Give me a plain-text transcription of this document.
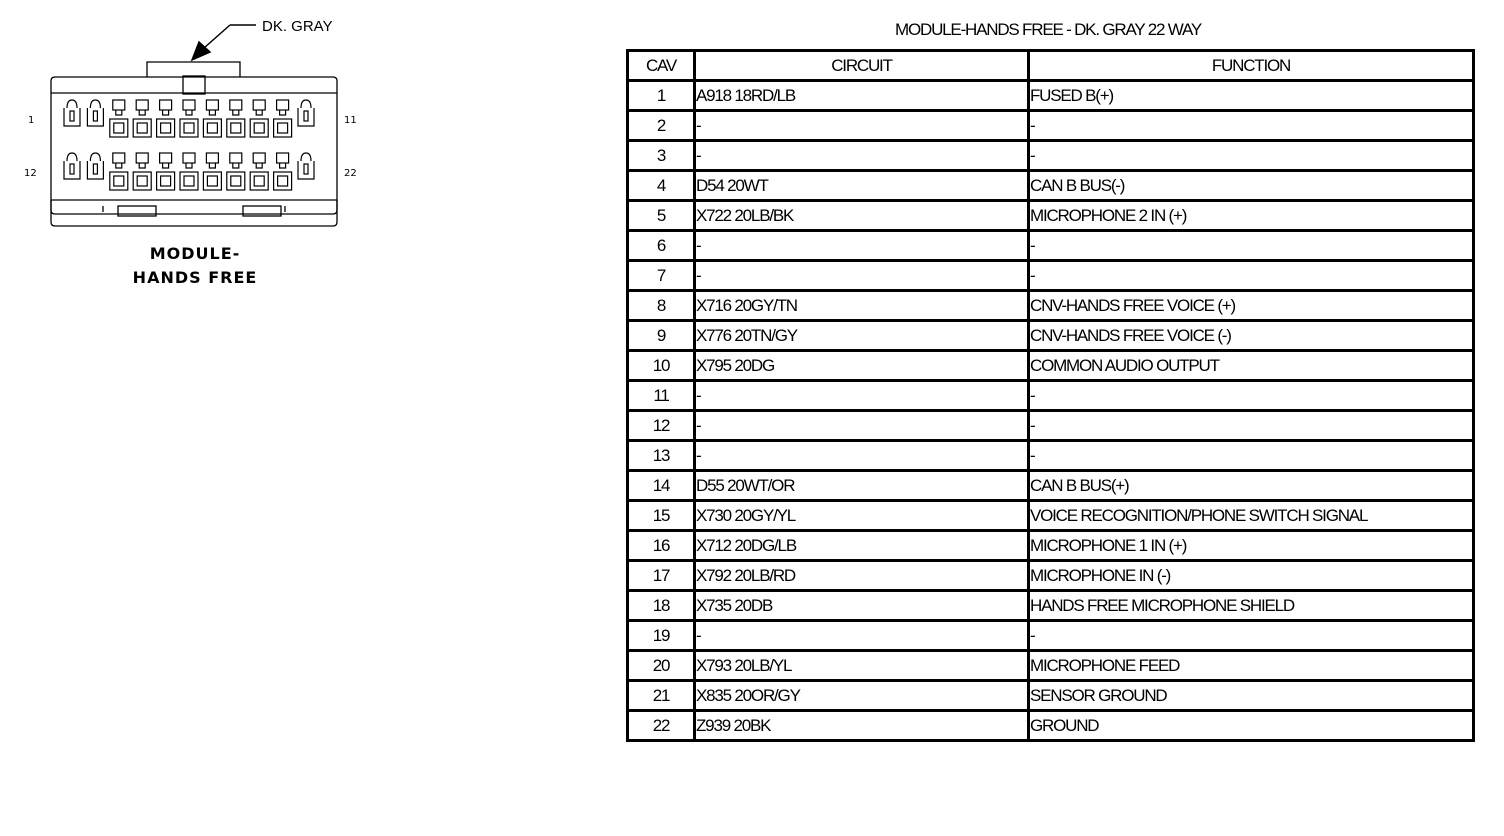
DK. GRAY
1	11
12	22
MODULE-
HANDS FREE
MODULE-HANDS FREE - DK. GRAY 22 WAY
CAV	CIRCUIT	FUNCTION
1	A918 18RD/LB	FUSED B(+)
2	-	-
3	-	-
4	D54 20WT	CAN B BUS(-)
5	X722 20LB/BK	MICROPHONE 2 IN (+)
6	-	-
7	-	-
8	X716 20GY/TN	CNV-HANDS FREE VOICE (+)
9	X776 20TN/GY	CNV-HANDS FREE VOICE (-)
10	X795 20DG	COMMON AUDIO OUTPUT
11	-	-
12	-	-
13	-	-
14	D55 20WT/OR	CAN B BUS(+)
15	X730 20GY/YL	VOICE RECOGNITION/PHONE SWITCH SIGNAL
16	X712 20DG/LB	MICROPHONE 1 IN (+)
17	X792 20LB/RD	MICROPHONE IN (-)
18	X735 20DB	HANDS FREE MICROPHONE SHIELD
19	-	-
20	X793 20LB/YL	MICROPHONE FEED
21	X835 20OR/GY	SENSOR GROUND
22	Z939 20BK	GROUND
